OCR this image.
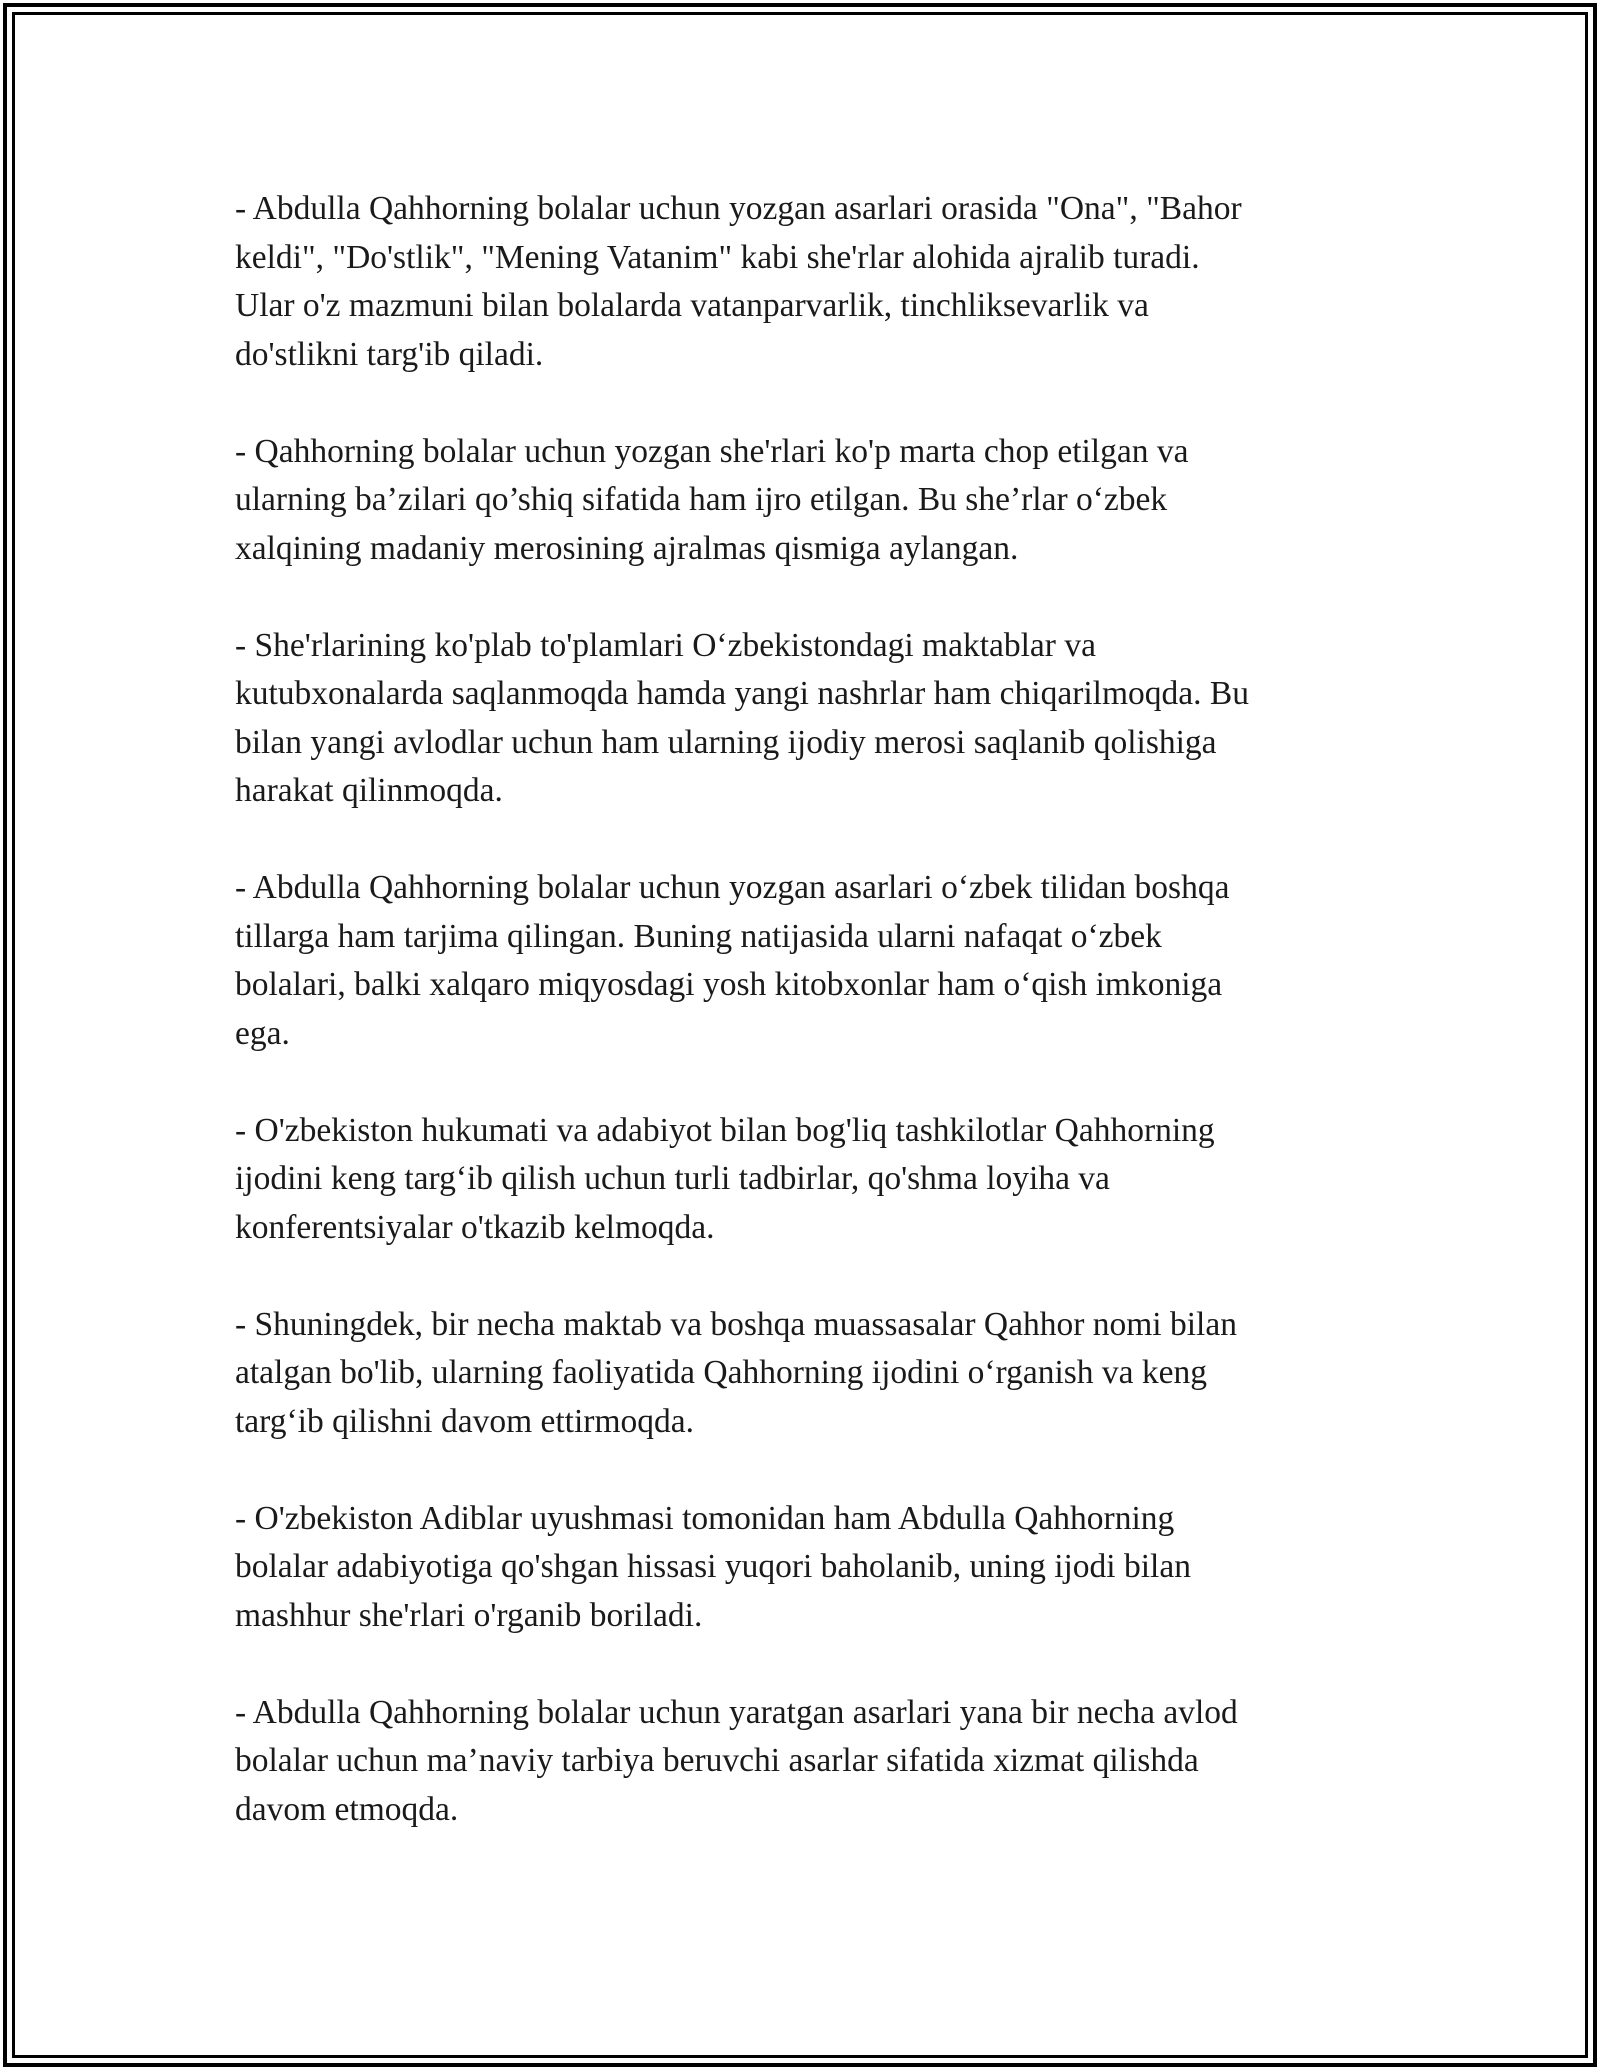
- Abdulla Qahhorning bolalar uchun yozgan asarlari orasida "Ona", "Bahor
keldi", "Do'stlik", "Mening Vatanim" kabi she'rlar alohida ajralib turadi.
Ular o'z mazmuni bilan bolalarda vatanparvarlik, tinchliksevarlik va
do'stlikni targ'ib qiladi.

- Qahhorning bolalar uchun yozgan she'rlari ko'p marta chop etilgan va
ularning ba’zilari qo’shiq sifatida ham ijro etilgan. Bu she’rlar o‘zbek
xalqining madaniy merosining ajralmas qismiga aylangan.

- She'rlarining ko'plab to'plamlari O‘zbekistondagi maktablar va
kutubxonalarda saqlanmoqda hamda yangi nashrlar ham chiqarilmoqda. Bu
bilan yangi avlodlar uchun ham ularning ijodiy merosi saqlanib qolishiga
harakat qilinmoqda.

- Abdulla Qahhorning bolalar uchun yozgan asarlari o‘zbek tilidan boshqa
tillarga ham tarjima qilingan. Buning natijasida ularni nafaqat o‘zbek
bolalari, balki xalqaro miqyosdagi yosh kitobxonlar ham o‘qish imkoniga
ega.

- O'zbekiston hukumati va adabiyot bilan bog'liq tashkilotlar Qahhorning
ijodini keng targ‘ib qilish uchun turli tadbirlar, qo'shma loyiha va
konferentsiyalar o'tkazib kelmoqda.

- Shuningdek, bir necha maktab va boshqa muassasalar Qahhor nomi bilan
atalgan bo'lib, ularning faoliyatida Qahhorning ijodini o‘rganish va keng
targ‘ib qilishni davom ettirmoqda.

- O'zbekiston Adiblar uyushmasi tomonidan ham Abdulla Qahhorning
bolalar adabiyotiga qo'shgan hissasi yuqori baholanib, uning ijodi bilan
mashhur she'rlari o'rganib boriladi.

- Abdulla Qahhorning bolalar uchun yaratgan asarlari yana bir necha avlod
bolalar uchun ma’naviy tarbiya beruvchi asarlar sifatida xizmat qilishda
davom etmoqda.
